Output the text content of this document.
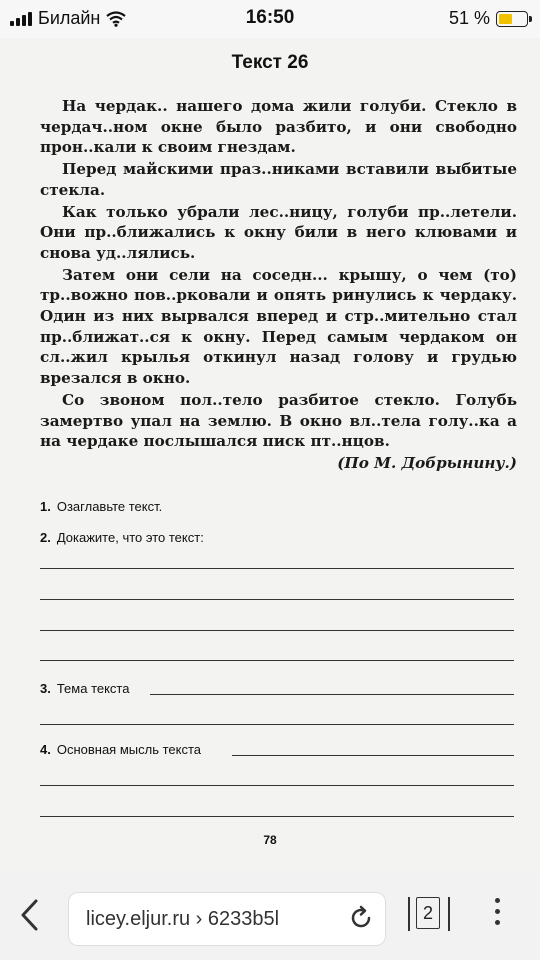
Билайн	16:50	51 %
Текст 26

На чердак.. нашего дома жили голуби. Стекло в чердач..ном окне было разбито, и они свободно прон..кали к своим гнездам.

Перед майскими праз..никами вставили выбитые стекла.

Как только убрали лес..ницу, голуби пр..летели. Они пр..ближались к окну били в него клювами и снова уд..лялись.

Затем они сели на соседн... крышу, о чем (то) тр..вожно пов..рковали и опять ринулись к чердаку. Один из них вырвался вперед и стр..мительно стал пр..ближат..ся к окну. Перед самым чердаком он сл..жил крылья откинул назад голову и грудью врезался в окно.

Со звоном пол..тело разбитое стекло. Голубь замертво упал на землю. В окно вл..тела голу..ка а на чердаке послышался писк пт..нцов.

(По М. Добрынину.)
1. Озаглавьте текст.
2. Докажите, что это текст:
3. Тема текста
4. Основная мысль текста
78
licey.eljur.ru › 6233b5l	2
